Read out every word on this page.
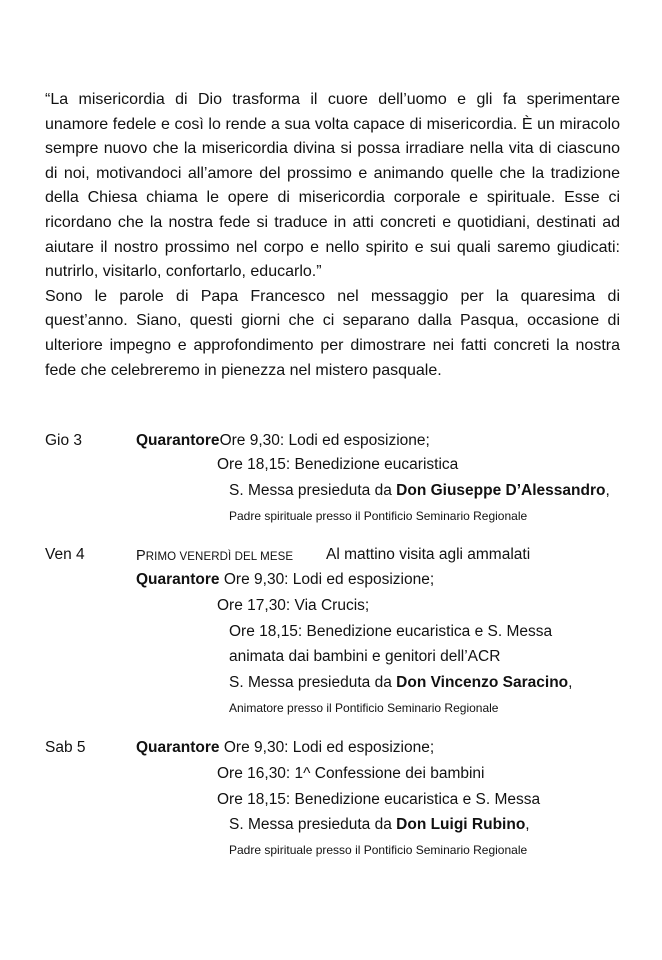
“La misericordia di Dio trasforma il cuore dell’uomo e gli fa sperimentare unamore fedele e così lo rende a sua volta capace di misericordia. È un miracolo sempre nuovo che la misericordia divina si possa irradiare nella vita di ciascuno di noi, motivandoci all’amore del prossimo e animando quelle che la tradizione della Chiesa chiama le opere di misericordia corporale e spirituale. Esse ci ricordano che la nostra fede si traduce in atti concreti e quotidiani, destinati ad aiutare il nostro prossimo nel corpo e nello spirito e sui quali saremo giudicati: nutrirlo, visitarlo, confortarlo, educarlo.”

Sono le parole di Papa Francesco nel messaggio per la quaresima di quest’anno. Siano, questi giorni che ci separano dalla Pasqua, occasione di ulteriore impegno e approfondimento per dimostrare nei fatti concreti la nostra fede che celebreremo in pienezza nel mistero pasquale.

Gio 3	QuarantoreOre 9,30: Lodi ed esposizione;
Ore 18,15: Benedizione eucaristica
S. Messa presieduta da Don Giuseppe D’Alessandro,
Padre spirituale presso il Pontificio Seminario Regionale
Ven 4	PRIMO VENERDÌ DEL MESE Al mattino visita agli ammalati
Quarantore Ore 9,30: Lodi ed esposizione;
Ore 17,30: Via Crucis;
Ore 18,15: Benedizione eucaristica e S. Messa
animata dai bambini e genitori dell’ACR
S. Messa presieduta da Don Vincenzo Saracino,
Animatore presso il Pontificio Seminario Regionale
Sab 5	Quarantore Ore 9,30: Lodi ed esposizione;
Ore 16,30: 1^ Confessione dei bambini
Ore 18,15: Benedizione eucaristica e S. Messa
S. Messa presieduta da Don Luigi Rubino,
Padre spirituale presso il Pontificio Seminario Regionale
